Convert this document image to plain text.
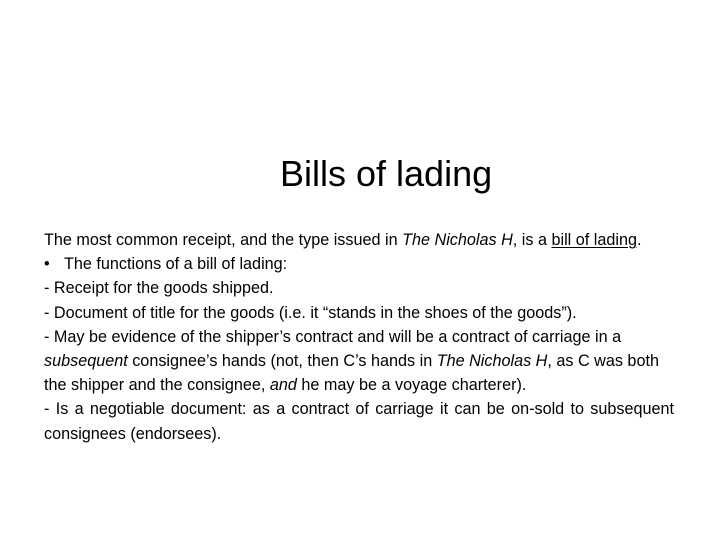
Bills of lading

The most common receipt, and the type issued in The Nicholas H, is a bill of lading.

• The functions of a bill of lading:

- Receipt for the goods shipped.

- Document of title for the goods (i.e. it “stands in the shoes of the goods”).

- May be evidence of the shipper’s contract and will be a contract of carriage in a subsequent consignee’s hands (not, then C’s hands in The Nicholas H, as C was both the shipper and the consignee, and he may be a voyage charterer).

- Is a negotiable document: as a contract of carriage it can be on-sold to subsequent consignees (endorsees).
